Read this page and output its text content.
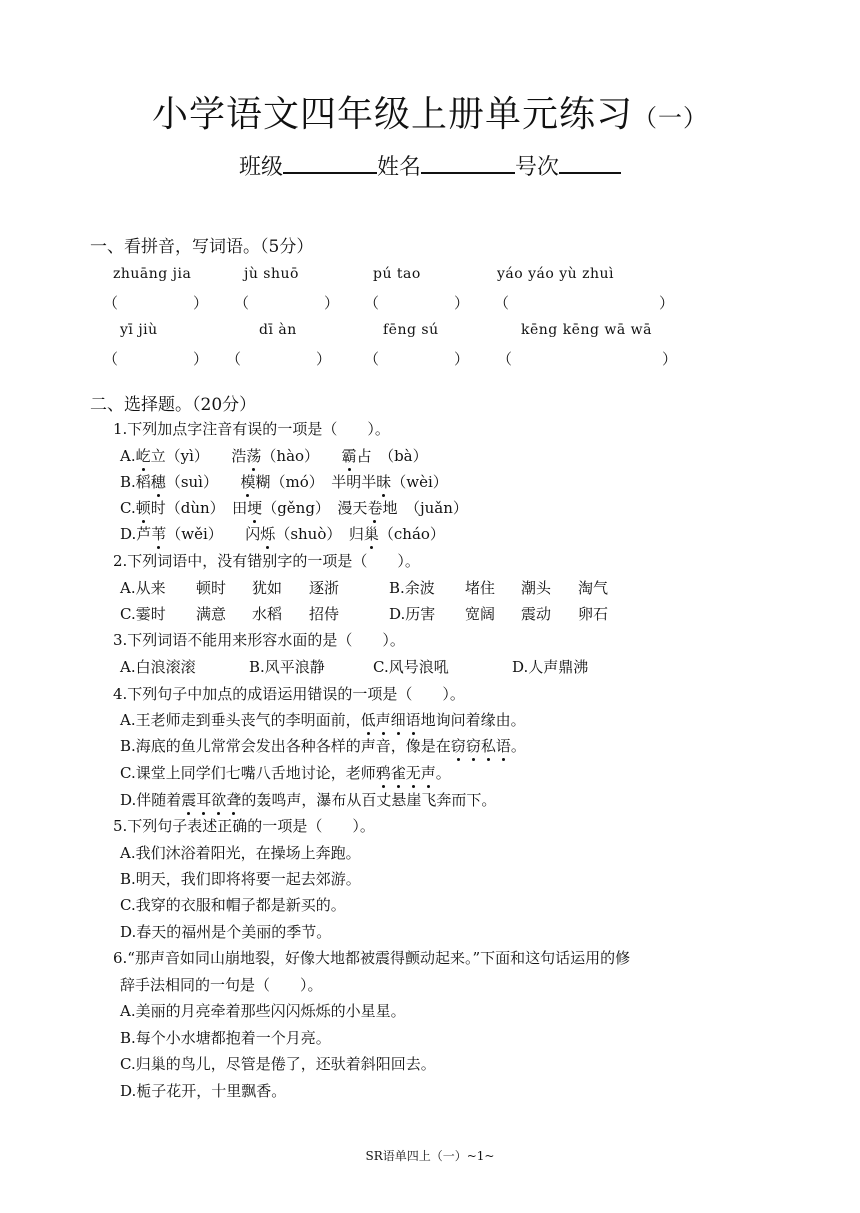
小学语文四年级上册单元练习（一）
班级	姓名	号次
一、看拼音，写词语。（5分）
zhuāng jia	jù shuō	pú tao	yáo yáo yù zhuì
（　　　　　） （　　　　　） （　　　　　） （　　　　　　　　　　）
yī jiù	dī àn	fēng sú	kēng kēng wā wā
（　　　　　） （　　　　　） （　　　　　） （　　　　　　　　　　）
二、选择题。（20分）
1.下列加点字注音有误的一项是（　　）。
A.屹立（yì）　　浩荡（hào）　　霸占　（bà）
B.稻穗（suì）　　模糊（mó）　半明半昧（wèi）
C.顿时（dùn）　田埂（gěng）　漫天卷地　（juǎn）
D.芦苇（wěi）　　闪烁（shuò）　归巢（cháo）
2.下列词语中，没有错别字的一项是（　　）。
A.从来 顿时 犹如 逐浙	B.余波 堵住 潮头 淘气
C.霎时 满意 水稻 招侍	D.历害 宽阔 震动 卵石
3.下列词语不能用来形容水面的是（　　）。
A.白浪滚滚	B.风平浪静	C.风号浪吼	D.人声鼎沸
4.下列句子中加点的成语运用错误的一项是（　　）。
A.王老师走到垂头丧气的李明面前，低声细语地询问着缘由。
B.海底的鱼儿常常会发出各种各样的声音，像是在窃窃私语。
C.课堂上同学们七嘴八舌地讨论，老师鸦雀无声。
D.伴随着震耳欲聋的轰鸣声，瀑布从百丈悬崖飞奔而下。
5.下列句子表述正确的一项是（　　）。
A.我们沐浴着阳光，在操场上奔跑。
B.明天，我们即将将要一起去郊游。
C.我穿的衣服和帽子都是新买的。
D.春天的福州是个美丽的季节。
6.“那声音如同山崩地裂，好像大地都被震得颤动起来。”下面和这句话运用的修
辞手法相同的一句是（　　）。
A.美丽的月亮牵着那些闪闪烁烁的小星星。
B.每个小水塘都抱着一个月亮。
C.归巢的鸟儿，尽管是倦了，还驮着斜阳回去。
D.栀子花开，十里飘香。
SR语单四上（一）~1~
